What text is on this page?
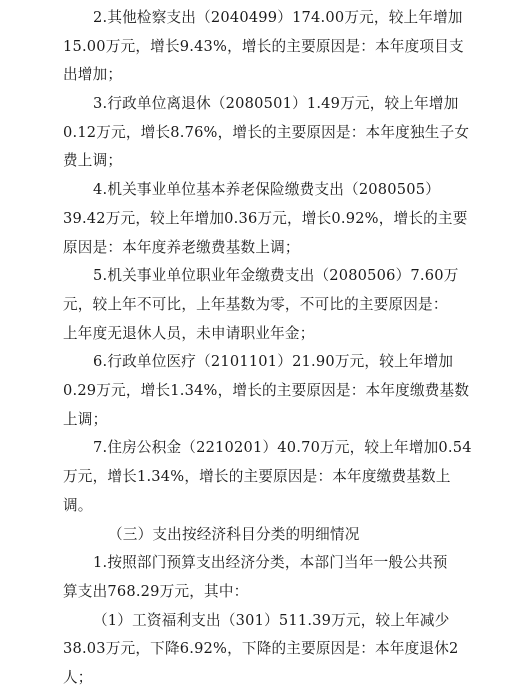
2.其他检察支出（2040499）174.00万元，较上年增加
15.00万元，增长9.43%，增长的主要原因是：本年度项目支
出增加；
3.行政单位离退休（2080501）1.49万元，较上年增加
0.12万元，增长8.76%，增长的主要原因是：本年度独生子女
费上调；
4.机关事业单位基本养老保险缴费支出（2080505）
39.42万元，较上年增加0.36万元，增长0.92%，增长的主要
原因是：本年度养老缴费基数上调；
5.机关事业单位职业年金缴费支出（2080506）7.60万
元，较上年不可比，上年基数为零，不可比的主要原因是：
上年度无退休人员，未申请职业年金；
6.行政单位医疗（2101101）21.90万元，较上年增加
0.29万元，增长1.34%，增长的主要原因是：本年度缴费基数
上调；
7.住房公积金（2210201）40.70万元，较上年增加0.54
万元，增长1.34%，增长的主要原因是：本年度缴费基数上
调。
（三）支出按经济科目分类的明细情况
1.按照部门预算支出经济分类，本部门当年一般公共预
算支出768.29万元，其中：
（1）工资福利支出（301）511.39万元，较上年减少
38.03万元，下降6.92%，下降的主要原因是：本年度退休2
人；
